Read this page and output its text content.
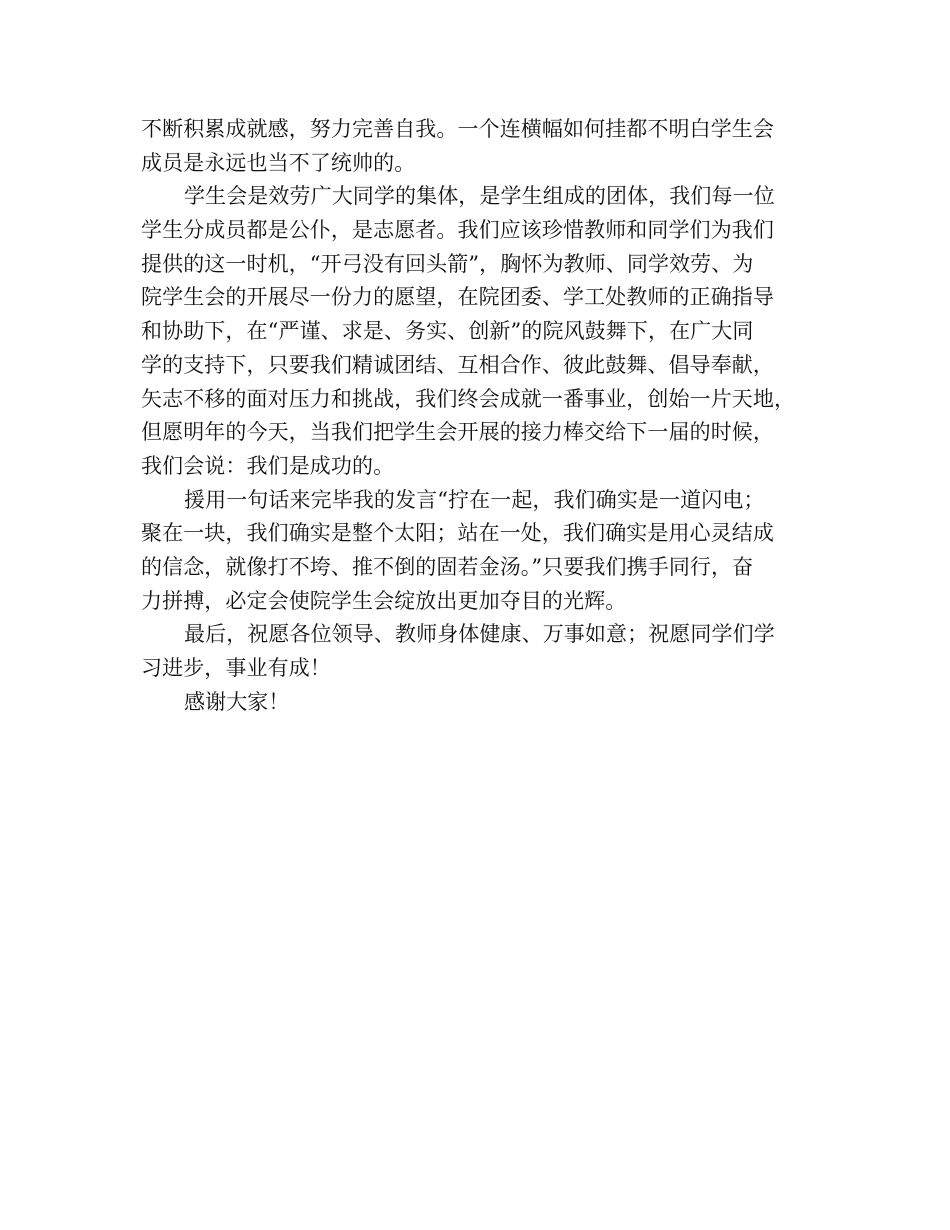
不断积累成就感，努力完善自我。一个连横幅如何挂都不明白学生会
成员是永远也当不了统帅的。
学生会是效劳广大同学的集体，是学生组成的团体，我们每一位
学生分成员都是公仆，是志愿者。我们应该珍惜教师和同学们为我们
提供的这一时机，“开弓没有回头箭”，胸怀为教师、同学效劳、为
院学生会的开展尽一份力的愿望，在院团委、学工处教师的正确指导
和协助下，在“严谨、求是、务实、创新”的院风鼓舞下，在广大同
学的支持下，只要我们精诚团结、互相合作、彼此鼓舞、倡导奉献，
矢志不移的面对压力和挑战，我们终会成就一番事业，创始一片天地，
但愿明年的今天，当我们把学生会开展的接力棒交给下一届的时候，
我们会说：我们是成功的。
援用一句话来完毕我的发言“拧在一起，我们确实是一道闪电；
聚在一块，我们确实是整个太阳；站在一处，我们确实是用心灵结成
的信念，就像打不垮、推不倒的固若金汤。”只要我们携手同行，奋
力拼搏，必定会使院学生会绽放出更加夺目的光辉。
最后，祝愿各位领导、教师身体健康、万事如意；祝愿同学们学
习进步，事业有成！
感谢大家！
